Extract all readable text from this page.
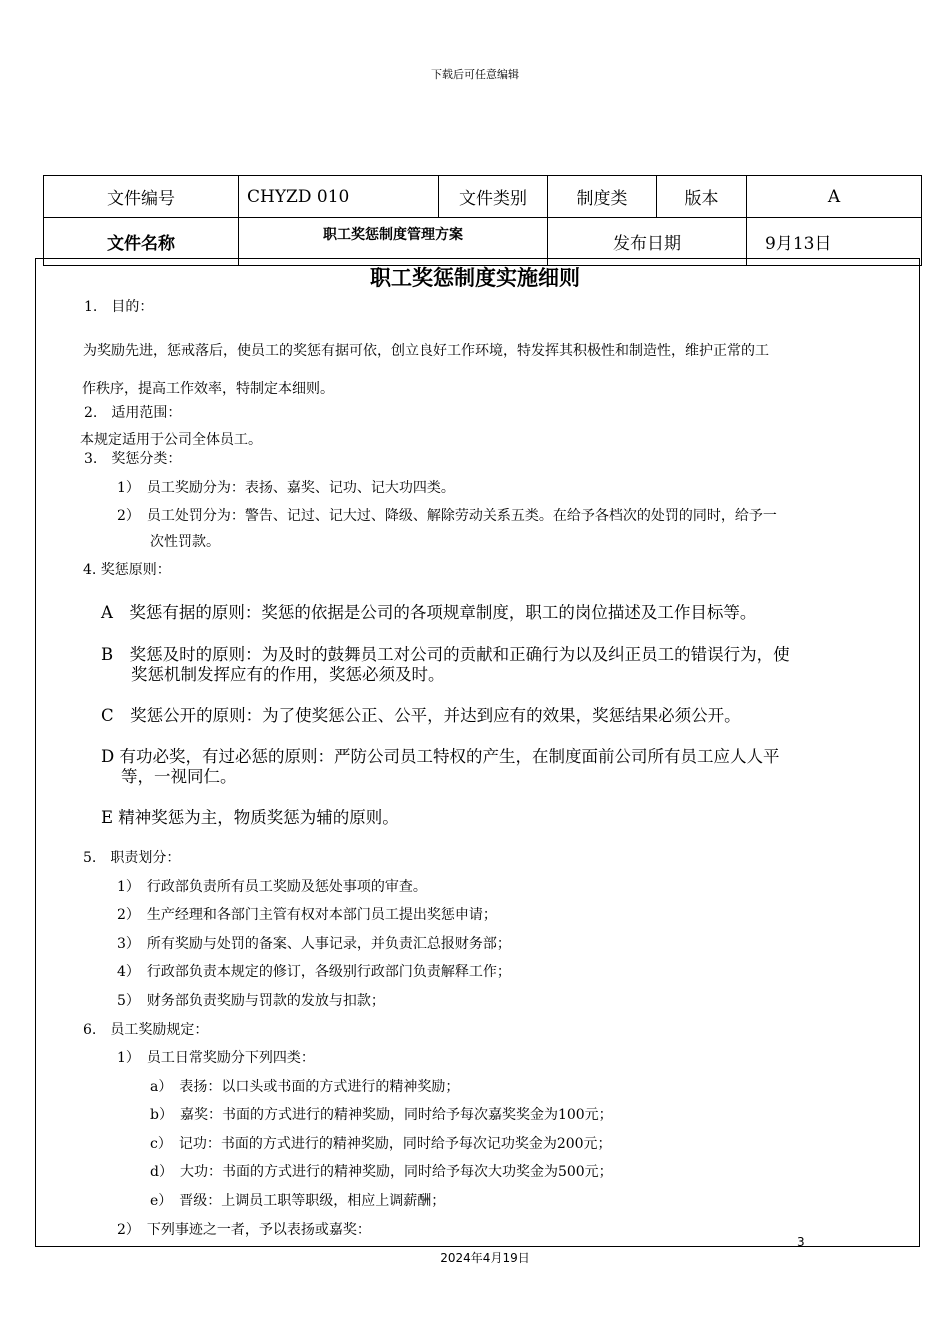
下载后可任意编辑
文件编号	CHYZD 010	文件类别	制度类	版本	A
文件名称	职工奖惩制度管理方案		发布日期		9月13日
职工奖惩制度实施细则
1.　目的：
为奖励先进，惩戒落后，使员工的奖惩有据可依，创立良好工作环境，特发挥其积极性和制造性，维护正常的工
作秩序，提高工作效率，特制定本细则。
2.　适用范围：
本规定适用于公司全体员工。
3.　奖惩分类：
1）　员工奖励分为：表扬、嘉奖、记功、记大功四类。
2）　员工处罚分为：警告、记过、记大过、降级、解除劳动关系五类。在给予各档次的处罚的同时，给予一
次性罚款。
4. 奖惩原则：
A　奖惩有据的原则：奖惩的依据是公司的各项规章制度，职工的岗位描述及工作目标等。
B　奖惩及时的原则：为及时的鼓舞员工对公司的贡献和正确行为以及纠正员工的错误行为，使
奖惩机制发挥应有的作用，奖惩必须及时。
C　奖惩公开的原则：为了使奖惩公正、公平，并达到应有的效果，奖惩结果必须公开。
D 有功必奖，有过必惩的原则：严防公司员工特权的产生，在制度面前公司所有员工应人人平
等，一视同仁。
E 精神奖惩为主，物质奖惩为辅的原则。
5.　职责划分：
1）　行政部负责所有员工奖励及惩处事项的审查。
2）　生产经理和各部门主管有权对本部门员工提出奖惩申请；
3）　所有奖励与处罚的备案、人事记录，并负责汇总报财务部；
4）　行政部负责本规定的修订，各级别行政部门负责解释工作；
5）　财务部负责奖励与罚款的发放与扣款；
6.　员工奖励规定：
1）　员工日常奖励分下列四类：
a）　表扬：以口头或书面的方式进行的精神奖励；
b）　嘉奖：书面的方式进行的精神奖励，同时给予每次嘉奖奖金为100元；
c）　记功：书面的方式进行的精神奖励，同时给予每次记功奖金为200元；
d）　大功：书面的方式进行的精神奖励，同时给予每次大功奖金为500元；
e）　晋级：上调员工职等职级，相应上调薪酬；
2）　下列事迹之一者，予以表扬或嘉奖：
3
2024年4月19日
